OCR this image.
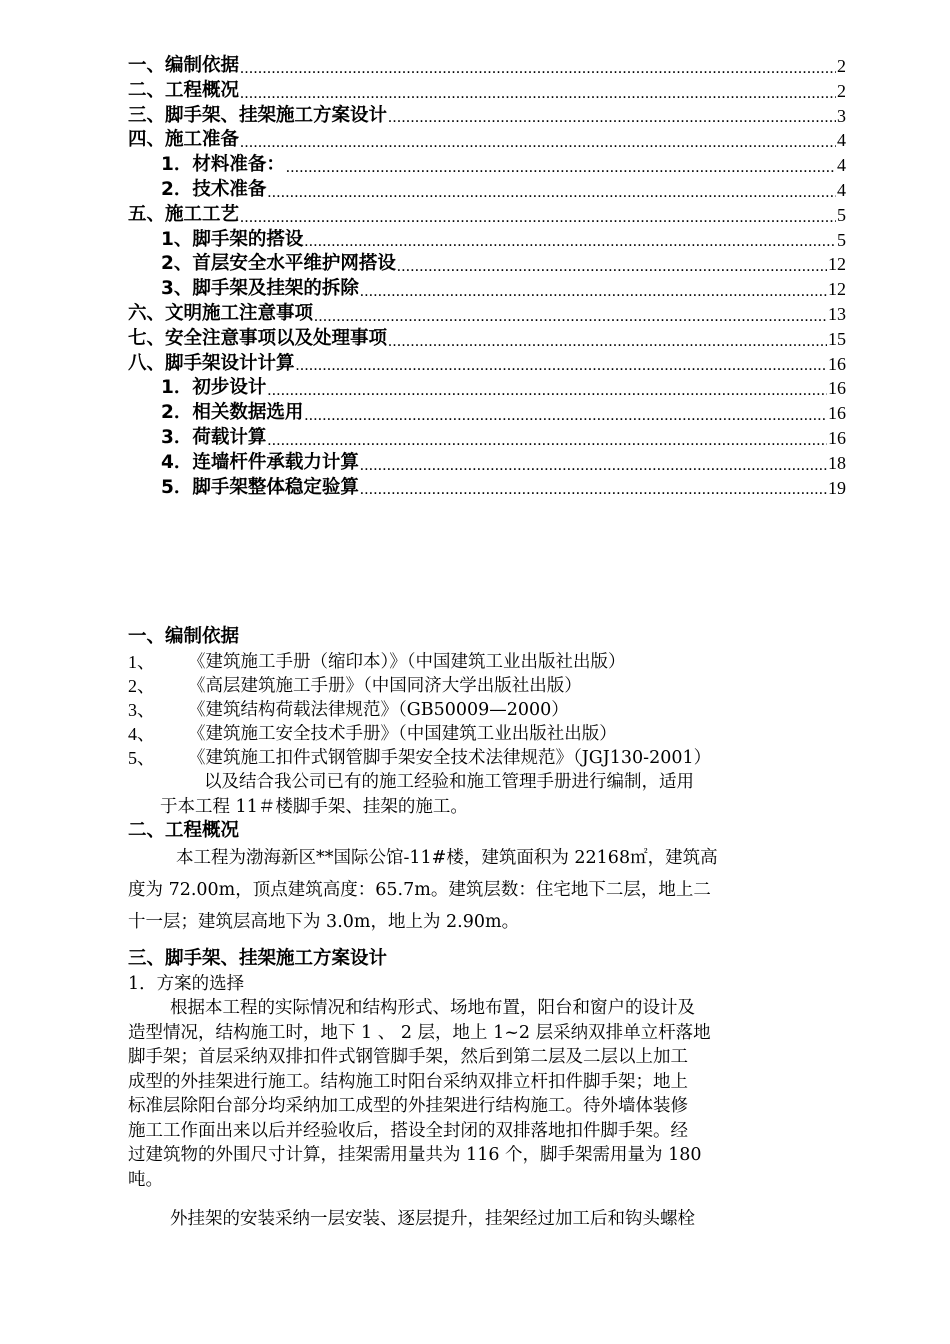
一、编制依据 .....	2
二、工程概况 .....	2
三、脚手架、挂架施工方案设计 .....	3
四、施工准备 .....	4
1．材料准备： .....	4
2．技术准备 .....	4
五、施工工艺 .....	5
1、脚手架的搭设 .....	5
2、首层安全水平维护网搭设 .....	12
3、脚手架及挂架的拆除 .....	12
六、文明施工注意事项 .....	13
七、安全注意事项以及处理事项 .....	15
八、脚手架设计计算 .....	16
1．初步设计 .....	16
2．相关数据选用 .....	16
3．荷载计算 .....	16
4．连墙杆件承载力计算 .....	18
5．脚手架整体稳定验算 .....	19
一、编制依据
1、	《建筑施工手册（缩印本）》（中国建筑工业出版社出版）
2、	《高层建筑施工手册》（中国同济大学出版社出版）
3、	《建筑结构荷载法律规范》（GB50009—2000）
4、	《建筑施工安全技术手册》（中国建筑工业出版社出版）
5、	《建筑施工扣件式钢管脚手架安全技术法律规范》（JGJ130-2001）
以及结合我公司已有的施工经验和施工管理手册进行编制，适用
于本工程 11＃楼脚手架、挂架的施工。
二、工程概况
本工程为渤海新区**国际公馆-11#楼，建筑面积为 22168㎡，建筑高
度为 72.00m，顶点建筑高度：65.7m。建筑层数：住宅地下二层，地上二
十一层；建筑层高地下为 3.0m，地上为 2.90m。
三、脚手架、挂架施工方案设计
1．方案的选择
根据本工程的实际情况和结构形式、场地布置，阳台和窗户的设计及
造型情况，结构施工时，地下 1 、 2 层，地上 1~2 层采纳双排单立杆落地
脚手架；首层采纳双排扣件式钢管脚手架，然后到第二层及二层以上加工
成型的外挂架进行施工。结构施工时阳台采纳双排立杆扣件脚手架；地上
标准层除阳台部分均采纳加工成型的外挂架进行结构施工。待外墙体装修
施工工作面出来以后并经验收后，搭设全封闭的双排落地扣件脚手架。经
过建筑物的外围尺寸计算，挂架需用量共为 116 个，脚手架需用量为 180
吨。
外挂架的安装采纳一层安装、逐层提升，挂架经过加工后和钩头螺栓
